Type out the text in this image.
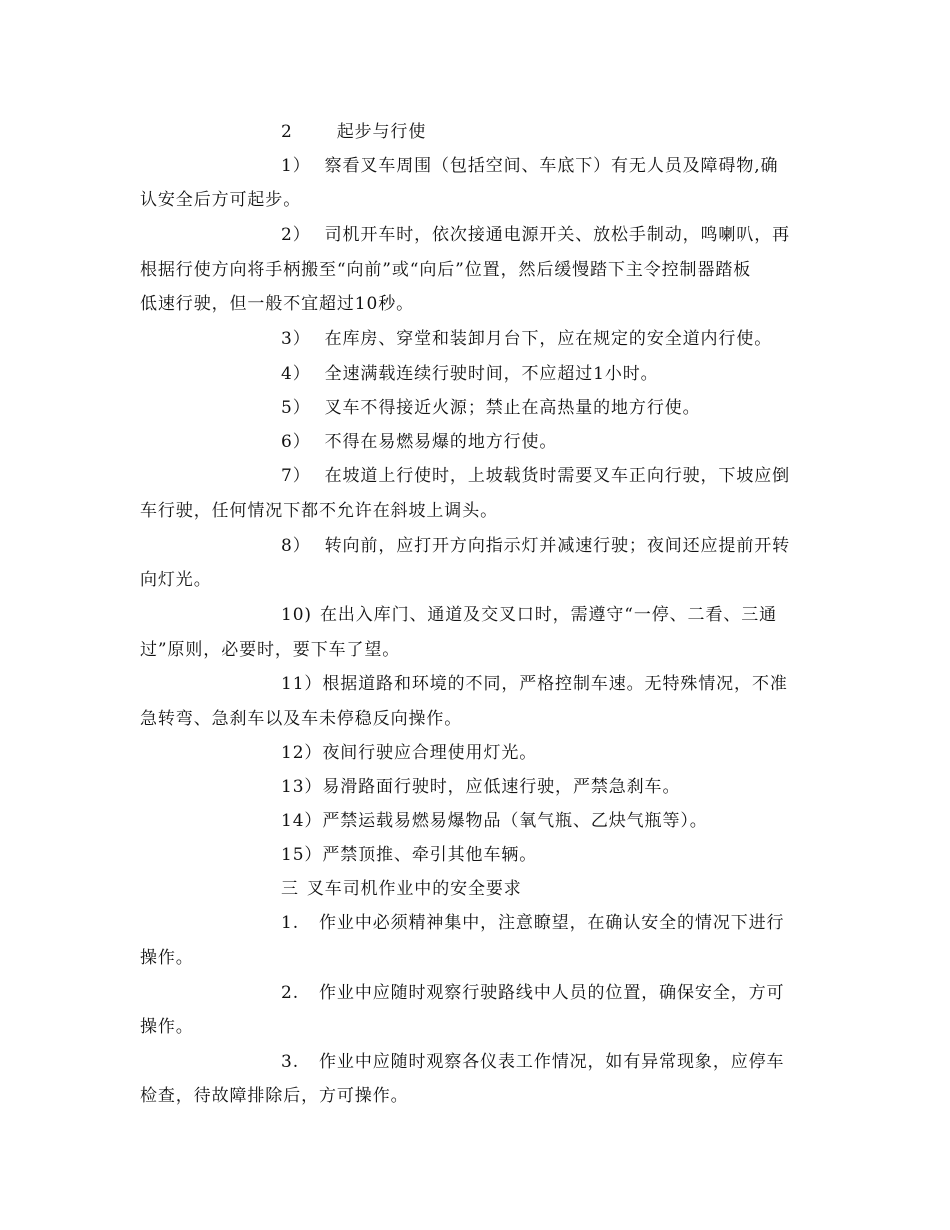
2	起步与行使
1） 察看叉车周围（包括空间、车底下）有无人员及障碍物,确
认安全后方可起步。
2） 司机开车时，依次接通电源开关、放松手制动，鸣喇叭，再
根据行使方向将手柄搬至“向前”或“向后”位置，然后缓慢踏下主令控制器踏板
低速行驶，但一般不宜超过10秒。
3） 在库房、穿堂和装卸月台下，应在规定的安全道内行使。
4） 全速满载连续行驶时间，不应超过1小时。
5） 叉车不得接近火源；禁止在高热量的地方行使。
6） 不得在易燃易爆的地方行使。
7） 在坡道上行使时，上坡载货时需要叉车正向行驶，下坡应倒
车行驶，任何情况下都不允许在斜坡上调头。
8） 转向前，应打开方向指示灯并减速行驶；夜间还应提前开转
向灯光。
10) 在出入库门、通道及交叉口时，需遵守“一停、二看、三通
过”原则，必要时，要下车了望。
11）根据道路和环境的不同，严格控制车速。无特殊情况，不准
急转弯、急刹车以及车未停稳反向操作。
12）夜间行驶应合理使用灯光。
13）易滑路面行驶时，应低速行驶，严禁急刹车。
14）严禁运载易燃易爆物品（氧气瓶、乙炔气瓶等）。
15）严禁顶推、牵引其他车辆。
三 叉车司机作业中的安全要求
1. 作业中必须精神集中，注意瞭望，在确认安全的情况下进行
操作。
2. 作业中应随时观察行驶路线中人员的位置，确保安全，方可
操作。
3. 作业中应随时观察各仪表工作情况，如有异常现象，应停车
检查，待故障排除后，方可操作。
